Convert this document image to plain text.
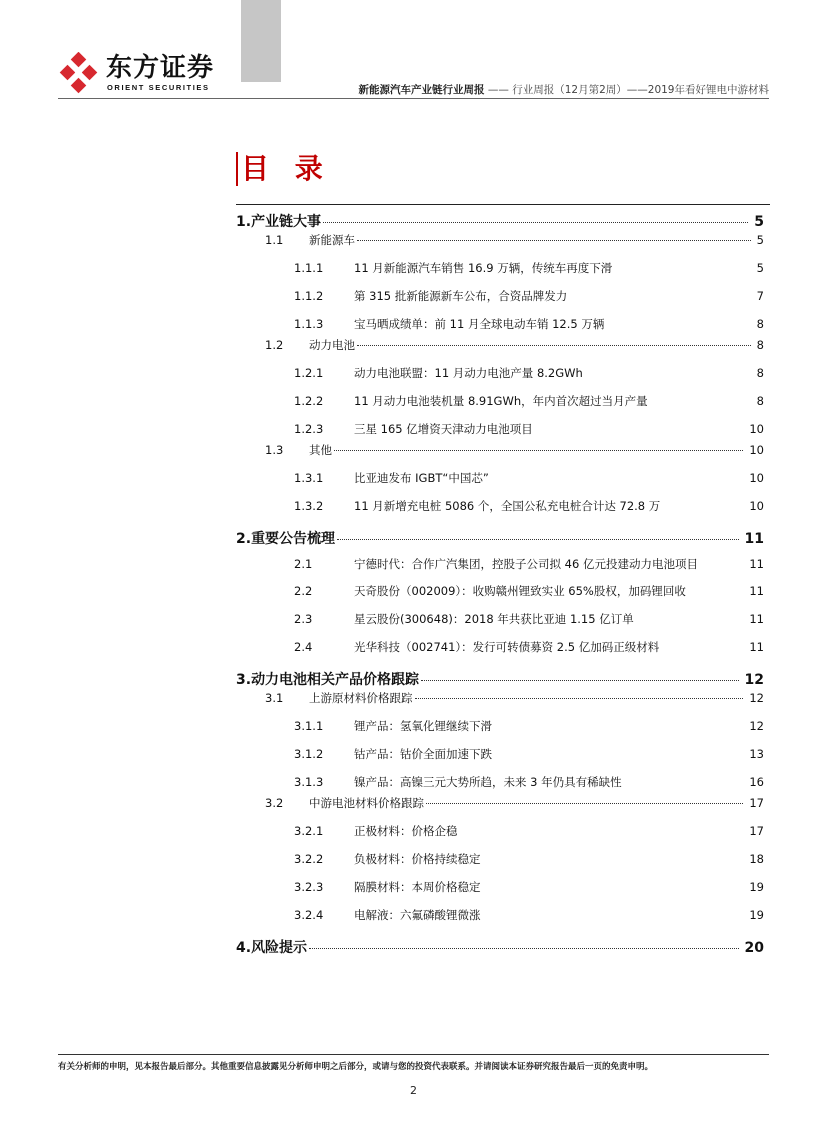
东方证券
ORIENT SECURITIES	新能源汽车产业链行业周报 —— 行业周报（12月第2周）——2019年看好锂电中游材料
目 录
1. 产业链大事	5
1.1	新能源车	5
1.1.1	11 月新能源汽车销售 16.9 万辆，传统车再度下滑	5
1.1.2	第 315 批新能源新车公布，合资品牌发力	7
1.1.3	宝马晒成绩单：前 11 月全球电动车销 12.5 万辆	8
1.2	动力电池	8
1.2.1	动力电池联盟：11 月动力电池产量 8.2GWh	8
1.2.2	11 月动力电池装机量 8.91GWh，年内首次超过当月产量	8
1.2.3	三星 165 亿增资天津动力电池项目	10
1.3	其他	10
1.3.1	比亚迪发布 IGBT“中国芯”	10
1.3.2	11 月新增充电桩 5086 个，全国公私充电桩合计达 72.8 万	10
2. 重要公告梳理	11
2.1	宁德时代：合作广汽集团，控股子公司拟 46 亿元投建动力电池项目	11
2.2	天奇股份（002009）：收购赣州锂致实业 65%股权，加码锂回收	11
2.3	星云股份(300648)：2018 年共获比亚迪 1.15 亿订单	11
2.4	光华科技（002741）：发行可转债募资 2.5 亿加码正级材料	11
3. 动力电池相关产品价格跟踪	12
3.1	上游原材料价格跟踪	12
3.1.1	锂产品：氢氧化锂继续下滑	12
3.1.2	钴产品：钴价全面加速下跌	13
3.1.3	镍产品：高镍三元大势所趋，未来 3 年仍具有稀缺性	16
3.2	中游电池材料价格跟踪	17
3.2.1	正极材料：价格企稳	17
3.2.2	负极材料：价格持续稳定	18
3.2.3	隔膜材料：本周价格稳定	19
3.2.4	电解液：六氟磷酸锂微涨	19
4. 风险提示	20
有关分析师的申明，见本报告最后部分。其他重要信息披露见分析师申明之后部分，或请与您的投资代表联系。并请阅读本证券研究报告最后一页的免责申明。
2
